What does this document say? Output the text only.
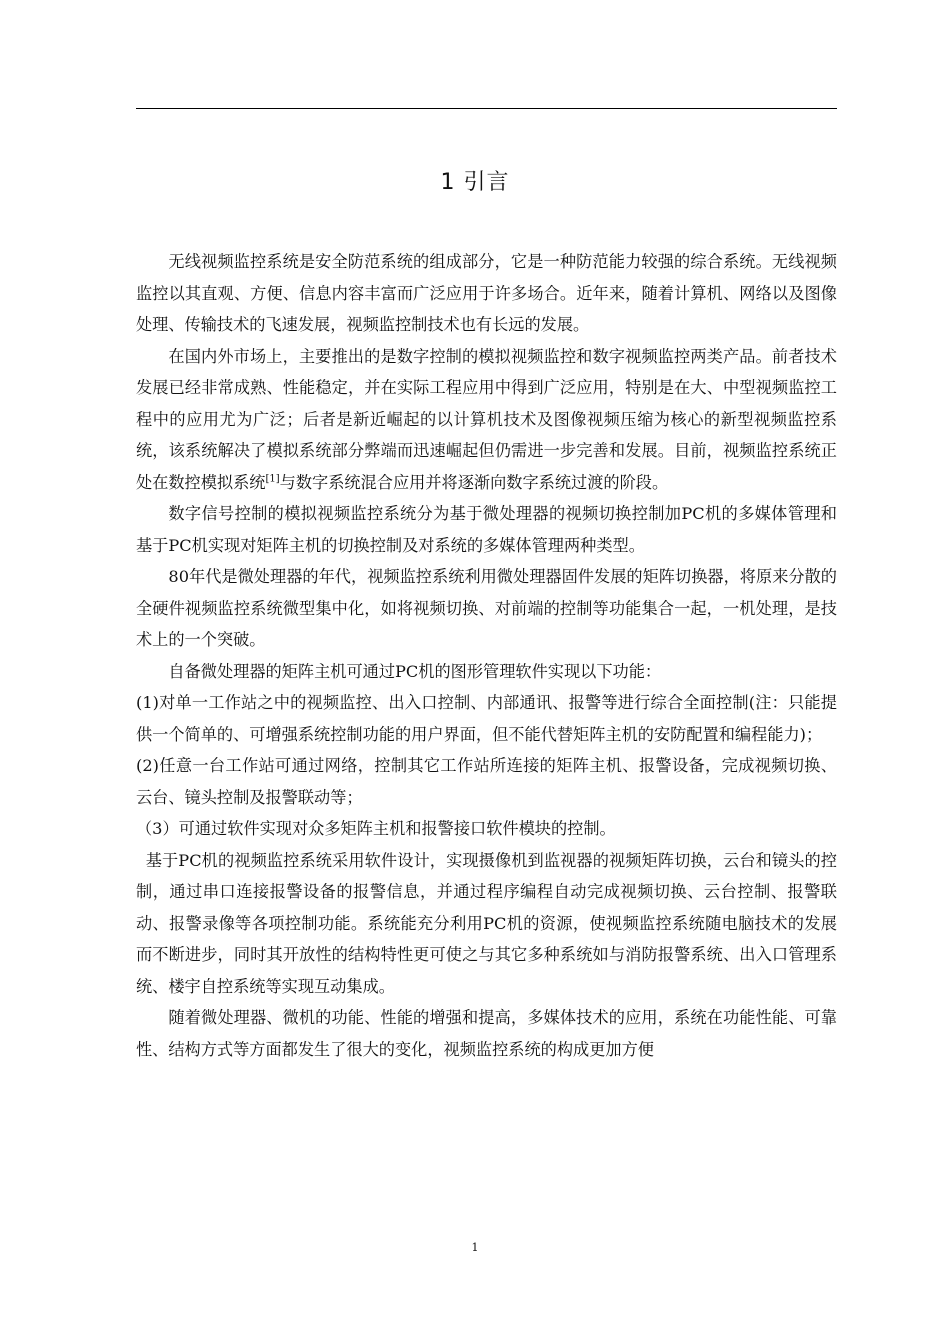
1 引言

无线视频监控系统是安全防范系统的组成部分，它是一种防范能力较强的综合系统。无线视频监控以其直观、方便、信息内容丰富而广泛应用于许多场合。近年来，随着计算机、网络以及图像处理、传输技术的飞速发展，视频监控制技术也有长远的发展。

在国内外市场上，主要推出的是数字控制的模拟视频监控和数字视频监控两类产品。前者技术发展已经非常成熟、性能稳定，并在实际工程应用中得到广泛应用，特别是在大、中型视频监控工程中的应用尤为广泛；后者是新近崛起的以计算机技术及图像视频压缩为核心的新型视频监控系统，该系统解决了模拟系统部分弊端而迅速崛起但仍需进一步完善和发展。目前，视频监控系统正处在数控模拟系统[1]与数字系统混合应用并将逐渐向数字系统过渡的阶段。

数字信号控制的模拟视频监控系统分为基于微处理器的视频切换控制加PC机的多媒体管理和基于PC机实现对矩阵主机的切换控制及对系统的多媒体管理两种类型。

80年代是微处理器的年代，视频监控系统利用微处理器固件发展的矩阵切换器，将原来分散的全硬件视频监控系统微型集中化，如将视频切换、对前端的控制等功能集合一起，一机处理，是技术上的一个突破。

自备微处理器的矩阵主机可通过PC机的图形管理软件实现以下功能：

(1)对单一工作站之中的视频监控、出入口控制、内部通讯、报警等进行综合全面控制(注：只能提供一个简单的、可增强系统控制功能的用户界面，但不能代替矩阵主机的安防配置和编程能力)；

(2)任意一台工作站可通过网络，控制其它工作站所连接的矩阵主机、报警设备，完成视频切换、云台、镜头控制及报警联动等；

（3）可通过软件实现对众多矩阵主机和报警接口软件模块的控制。

基于PC机的视频监控系统采用软件设计，实现摄像机到监视器的视频矩阵切换，云台和镜头的控制，通过串口连接报警设备的报警信息，并通过程序编程自动完成视频切换、云台控制、报警联动、报警录像等各项控制功能。系统能充分利用PC机的资源，使视频监控系统随电脑技术的发展而不断进步，同时其开放性的结构特性更可使之与其它多种系统如与消防报警系统、出入口管理系统、楼宇自控系统等实现互动集成。

随着微处理器、微机的功能、性能的增强和提高，多媒体技术的应用，系统在功能性能、可靠性、结构方式等方面都发生了很大的变化，视频监控系统的构成更加方便

1
